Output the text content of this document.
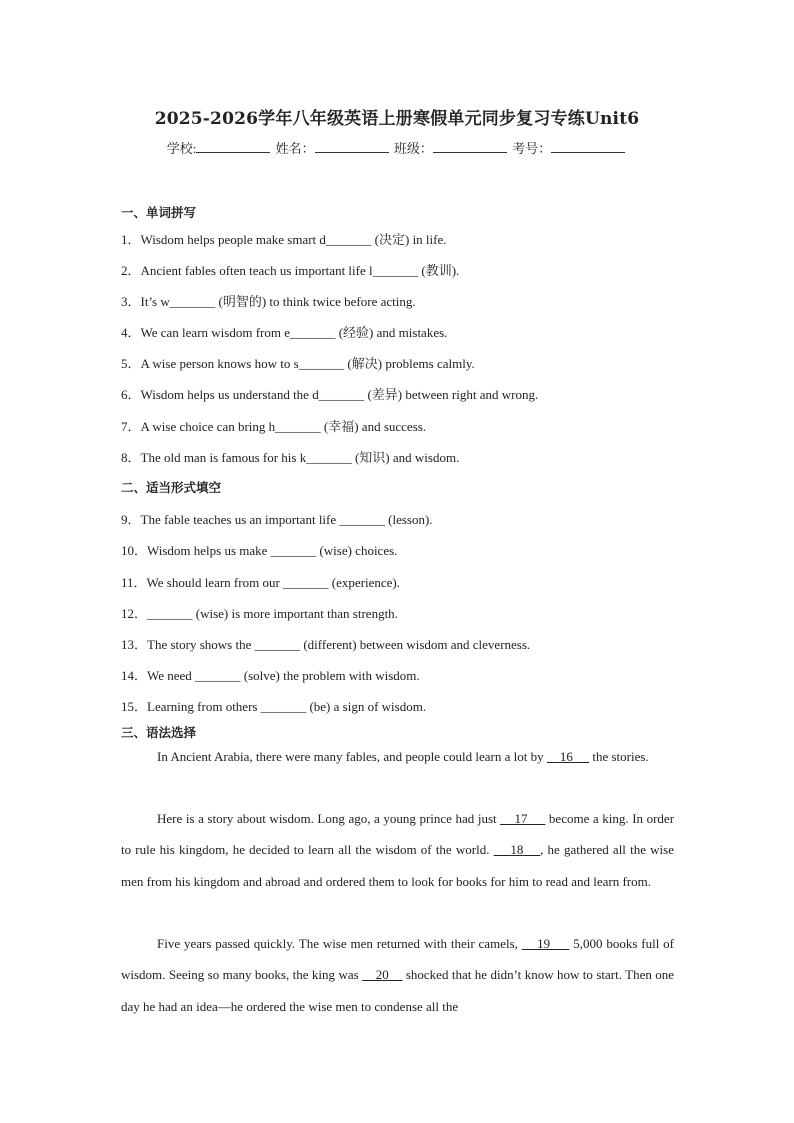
2025-2026学年八年级英语上册寒假单元同步复习专练Unit6
学校:	姓名：	班级：	考号：
一、单词拼写
1．Wisdom helps people make smart d_______ (决定) in life.
2．Ancient fables often teach us important life l_______ (教训).
3．It’s w_______ (明智的) to think twice before acting.
4．We can learn wisdom from e_______ (经验) and mistakes.
5．A wise person knows how to s_______ (解决) problems calmly.
6．Wisdom helps us understand the d_______ (差异) between right and wrong.
7．A wise choice can bring h_______ (幸福) and success.
8．The old man is famous for his k_______ (知识) and wisdom.
二、适当形式填空
9．The fable teaches us an important life _______ (lesson).
10．Wisdom helps us make _______ (wise) choices.
11．We should learn from our _______ (experience).
12．_______ (wise) is more important than strength.
13．The story shows the _______ (different) between wisdom and cleverness.
14．We need _______ (solve) the problem with wisdom.
15．Learning from others _______ (be) a sign of wisdom.
三、语法选择
In Ancient Arabia, there were many fables, and people could learn a lot by     16      the stories.
Here is a story about wisdom. Long ago, a young prince had just     17      become a king. In order to rule his kingdom, he decided to learn all the wisdom of the world.     18 , he gathered all the wise men from his kingdom and abroad and ordered them to look for books for him to read and learn from.
Five years passed quickly. The wise men returned with their camels,     19      5,000 books full of wisdom. Seeing so many books, the king was     20     shocked that he didn’t know how to start. Then one day he had an idea—he ordered the wise men to condense all the
